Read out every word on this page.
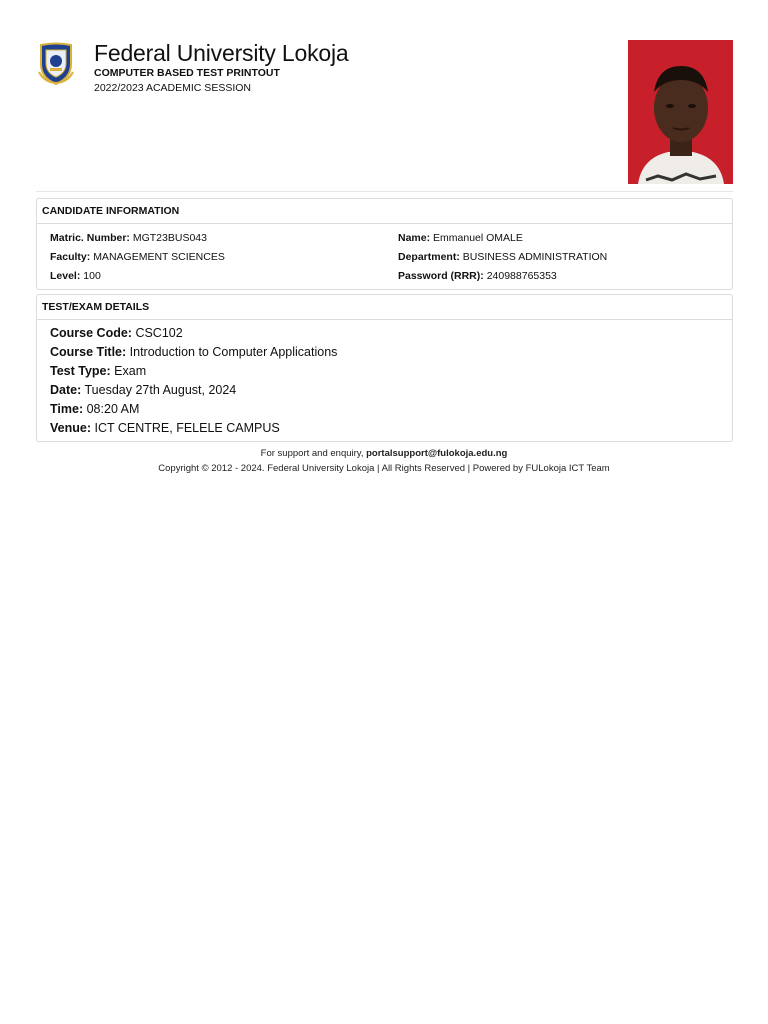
Federal University Lokoja
COMPUTER BASED TEST PRINTOUT
2022/2023 ACADEMIC SESSION
CANDIDATE INFORMATION
Matric. Number: MGT23BUS043
Faculty: MANAGEMENT SCIENCES
Level: 100
Name: Emmanuel OMALE
Department: BUSINESS ADMINISTRATION
Password (RRR): 240988765353
TEST/EXAM DETAILS
Course Code: CSC102
Course Title: Introduction to Computer Applications
Test Type: Exam
Date: Tuesday 27th August, 2024
Time: 08:20 AM
Venue: ICT CENTRE, FELELE CAMPUS
For support and enquiry, portalsupport@fulokoja.edu.ng
Copyright © 2012 - 2024. Federal University Lokoja | All Rights Reserved | Powered by FULokoja ICT Team
